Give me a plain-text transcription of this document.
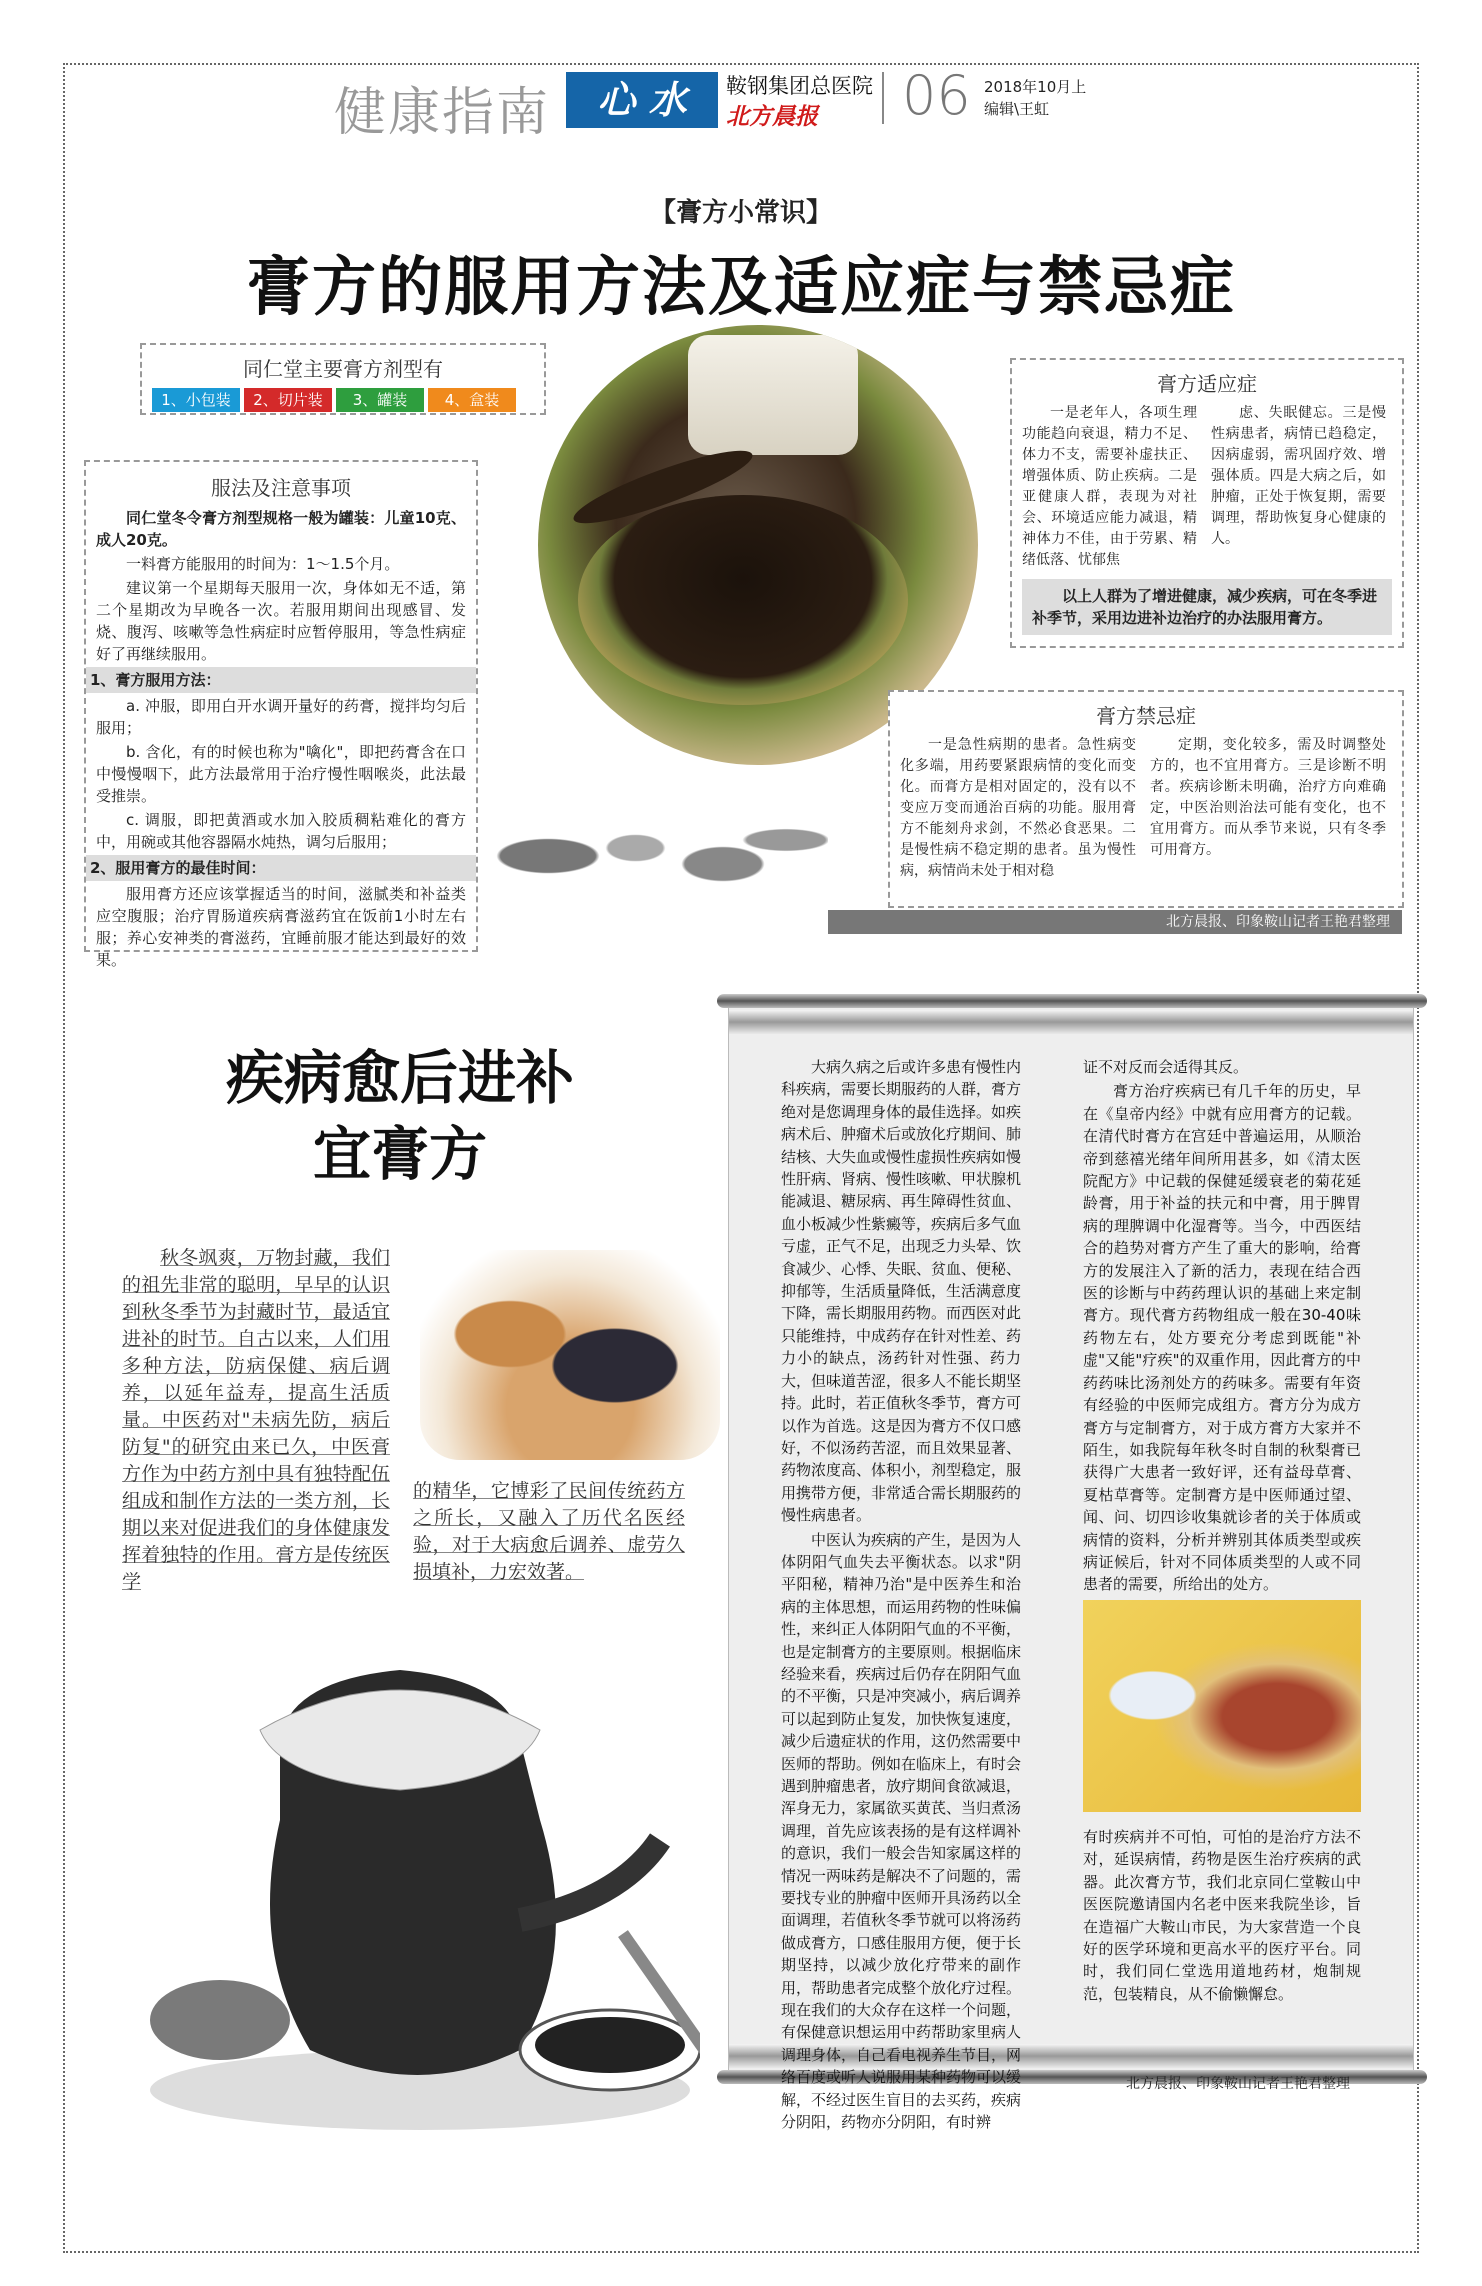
健康指南	心 水	鞍钢集团总医院
北方晨报 06 2018年10月上
编辑\王虹
【膏方小常识】
膏方的服用方法及适应症与禁忌症
同仁堂主要膏方剂型有
1、小包装 2、切片装 3、罐装 4、盒装
服法及注意事项

同仁堂冬令膏方剂型规格一般为罐装：儿童10克、成人20克。

一料膏方能服用的时间为：1～1.5个月。

建议第一个星期每天服用一次，身体如无不适，第二个星期改为早晚各一次。若服用期间出现感冒、发烧、腹泻、咳嗽等急性病症时应暂停服用，等急性病症好了再继续服用。

1、膏方服用方法：

a. 冲服，即用白开水调开量好的药膏，搅拌均匀后服用；

b. 含化，有的时候也称为"噙化"，即把药膏含在口中慢慢咽下，此方法最常用于治疗慢性咽喉炎，此法最受推崇。

c. 调服，即把黄酒或水加入胶质稠粘难化的膏方中，用碗或其他容器隔水炖热，调匀后服用；

2、服用膏方的最佳时间：

服用膏方还应该掌握适当的时间，滋腻类和补益类应空腹服；治疗胃肠道疾病膏滋药宜在饭前1小时左右服；养心安神类的膏滋药，宜睡前服才能达到最好的效果。

膏方适应症
一是老年人，各项生理功能趋向衰退，精力不足、体力不支，需要补虚扶正、增强体质、防止疾病。二是亚健康人群，表现为对社会、环境适应能力减退，精神体力不佳，由于劳累、精绪低落、忧郁焦
虑、失眠健忘。三是慢性病患者，病情已趋稳定，因病虚弱，需巩固疗效、增强体质。四是大病之后，如肿瘤，正处于恢复期，需要调理，帮助恢复身心健康的人。
以上人群为了增进健康，减少疾病，可在冬季进补季节，采用边进补边治疗的办法服用膏方。
膏方禁忌症
一是急性病期的患者。急性病变化多端，用药要紧跟病情的变化而变化。而膏方是相对固定的，没有以不变应万变而通治百病的功能。服用膏方不能刻舟求剑，不然必食恶果。二是慢性病不稳定期的患者。虽为慢性病，病情尚未处于相对稳
定期，变化较多，需及时调整处方的，也不宜用膏方。三是诊断不明者。疾病诊断未明确，治疗方向难确定，中医治则治法可能有变化，也不宜用膏方。而从季节来说，只有冬季可用膏方。
北方晨报、印象鞍山记者王艳君整理
疾病愈后进补
宜膏方
秋冬飒爽，万物封藏，我们的祖先非常的聪明，早早的认识到秋冬季节为封藏时节，最适宜进补的时节。自古以来，人们用多种方法，防病保健、病后调养，以延年益寿，提高生活质量。中医药对"未病先防，病后防复"的研究由来已久，中医膏方作为中药方剂中具有独特配伍组成和制作方法的一类方剂，长期以来对促进我们的身体健康发挥着独特的作用。膏方是传统医学
的精华，它博彩了民间传统药方之所长，又融入了历代名医经验，对于大病愈后调养、虚劳久损填补，力宏效著。

大病久病之后或许多患有慢性内科疾病，需要长期服药的人群，膏方绝对是您调理身体的最佳选择。如疾病术后、肿瘤术后或放化疗期间、肺结核、大失血或慢性虚损性疾病如慢性肝病、肾病、慢性咳嗽、甲状腺机能减退、糖尿病、再生障碍性贫血、血小板减少性紫癜等，疾病后多气血亏虚，正气不足，出现乏力头晕、饮食减少、心悸、失眠、贫血、便秘、抑郁等，生活质量降低，生活满意度下降，需长期服用药物。而西医对此只能维持，中成药存在针对性差、药力小的缺点，汤药针对性强、药力大，但味道苦涩，很多人不能长期坚持。此时，若正值秋冬季节，膏方可以作为首选。这是因为膏方不仅口感好，不似汤药苦涩，而且效果显著、药物浓度高、体积小，剂型稳定，服用携带方便，非常适合需长期服药的慢性病患者。

中医认为疾病的产生，是因为人体阴阳气血失去平衡状态。以求"阴平阳秘，精神乃治"是中医养生和治病的主体思想，而运用药物的性味偏性，来纠正人体阴阳气血的不平衡，也是定制膏方的主要原则。根据临床经验来看，疾病过后仍存在阴阳气血的不平衡，只是冲突减小，病后调养可以起到防止复发，加快恢复速度，减少后遗症状的作用，这仍然需要中医师的帮助。例如在临床上，有时会遇到肿瘤患者，放疗期间食欲减退，浑身无力，家属欲买黄芪、当归煮汤调理，首先应该表扬的是有这样调补的意识，我们一般会告知家属这样的情况一两味药是解决不了问题的，需要找专业的肿瘤中医师开具汤药以全面调理，若值秋冬季节就可以将汤药做成膏方，口感佳服用方便，便于长期坚持，以减少放化疗带来的副作用，帮助患者完成整个放化疗过程。现在我们的大众存在这样一个问题，有保健意识想运用中药帮助家里病人调理身体，自己看电视养生节目，网络百度或听人说服用某种药物可以缓解，不经过医生盲目的去买药，疾病分阴阳，药物亦分阴阳，有时辨

证不对反而会适得其反。

膏方治疗疾病已有几千年的历史，早在《皇帝内经》中就有应用膏方的记载。在清代时膏方在宫廷中普遍运用，从顺治帝到慈禧光绪年间所用甚多，如《清太医院配方》中记载的保健延缓衰老的菊花延龄膏，用于补益的扶元和中膏，用于脾胃病的理脾调中化湿膏等。当今，中西医结合的趋势对膏方产生了重大的影响，给膏方的发展注入了新的活力，表现在结合西医的诊断与中药药理认识的基础上来定制膏方。现代膏方药物组成一般在30-40味药物左右，处方要充分考虑到既能"补虚"又能"疗疾"的双重作用，因此膏方的中药药味比汤剂处方的药味多。需要有年资有经验的中医师完成组方。膏方分为成方膏方与定制膏方，对于成方膏方大家并不陌生，如我院每年秋冬时自制的秋梨膏已获得广大患者一致好评，还有益母草膏、夏枯草膏等。定制膏方是中医师通过望、闻、问、切四诊收集就诊者的关于体质或病情的资料，分析并辨别其体质类型或疾病证候后，针对不同体质类型的人或不同患者的需要，所给出的处方。

有时疾病并不可怕，可怕的是治疗方法不对，延误病情，药物是医生治疗疾病的武器。此次膏方节，我们北京同仁堂鞍山中医医院邀请国内名老中医来我院坐诊，旨在造福广大鞍山市民，为大家营造一个良好的医学环境和更高水平的医疗平台。同时，我们同仁堂选用道地药材，炮制规范，包装精良，从不偷懒懈怠。

北方晨报、印象鞍山记者王艳君整理
